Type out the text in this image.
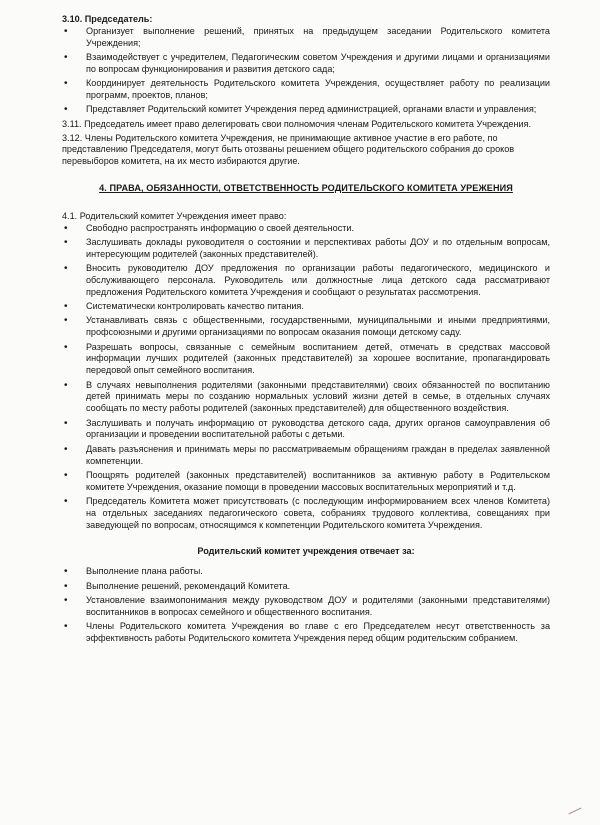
3.10. Председатель:

• Организует выполнение решений, принятых на предыдущем заседании Родительского комитета Учреждения;
• Взаимодействует с учредителем, Педагогическим советом Учреждения и другими лицами и организациями по вопросам функционирования и развития детского сада;
• Координирует деятельность Родительского комитета Учреждения, осуществляет работу по реализации программ, проектов, планов;
• Представляет Родительский комитет Учреждения перед администрацией, органами власти и управления;

3.11. Председатель имеет право делегировать свои полномочия членам Родительского комитета Учреждения.

3.12. Члены Родительского комитета Учреждения, не принимающие активное участие в его работе, по представлению Председателя, могут быть отозваны решением общего родительского собрания до сроков перевыборов комитета, на их место избираются другие.

4. ПРАВА, ОБЯЗАННОСТИ, ОТВЕТСТВЕННОСТЬ РОДИТЕЛЬСКОГО КОМИТЕТА УРЕЖЕНИЯ

4.1. Родительский комитет Учреждения имеет право:

• Свободно распространять информацию о своей деятельности.
• Заслушивать доклады руководителя о состоянии и перспективах работы ДОУ и по отдельным вопросам, интересующим родителей (законных представителей).
• Вносить руководителю ДОУ предложения по организации работы педагогического, медицинского и обслуживающего персонала. Руководитель или должностные лица детского сада рассматривают предложения Родительского комитета Учреждения и сообщают о результатах рассмотрения.
• Систематически контролировать качество питания.
• Устанавливать связь с общественными, государственными, муниципальными и иными предприятиями, профсоюзными и другими организациями по вопросам оказания помощи детскому саду.
• Разрешать вопросы, связанные с семейным воспитанием детей, отмечать в средствах массовой информации лучших родителей (законных представителей) за хорошее воспитание, пропагандировать передовой опыт семейного воспитания.
• В случаях невыполнения родителями (законными представителями) своих обязанностей по воспитанию детей принимать меры по созданию нормальных условий жизни детей в семье, в отдельных случаях сообщать по месту работы родителей (законных представителей) для общественного воздействия.
• Заслушивать и получать информацию от руководства детского сада, других органов самоуправления об организации и проведении воспитательной работы с детьми.
• Давать разъяснения и принимать меры по рассматриваемым обращениям граждан в пределах заявленной компетенции.
• Поощрять родителей (законных представителей) воспитанников за активную работу в Родительском комитете Учреждения, оказание помощи в проведении массовых воспитательных мероприятий и т.д.
• Председатель Комитета может присутствовать (с последующим информированием всех членов Комитета) на отдельных заседаниях педагогического совета, собраниях трудового коллектива, совещаниях при заведующей по вопросам, относящимся к компетенции Родительского комитета Учреждения.

Родительский комитет учреждения отвечает за:

• Выполнение плана работы.
• Выполнение решений, рекомендаций Комитета.
• Установление взаимопонимания между руководством ДОУ и родителями (законными представителями) воспитанников в вопросах семейного и общественного воспитания.
• Члены Родительского комитета Учреждения во главе с его Председателем несут ответственность за эффективность работы Родительского комитета Учреждения перед общим родительским собранием.
